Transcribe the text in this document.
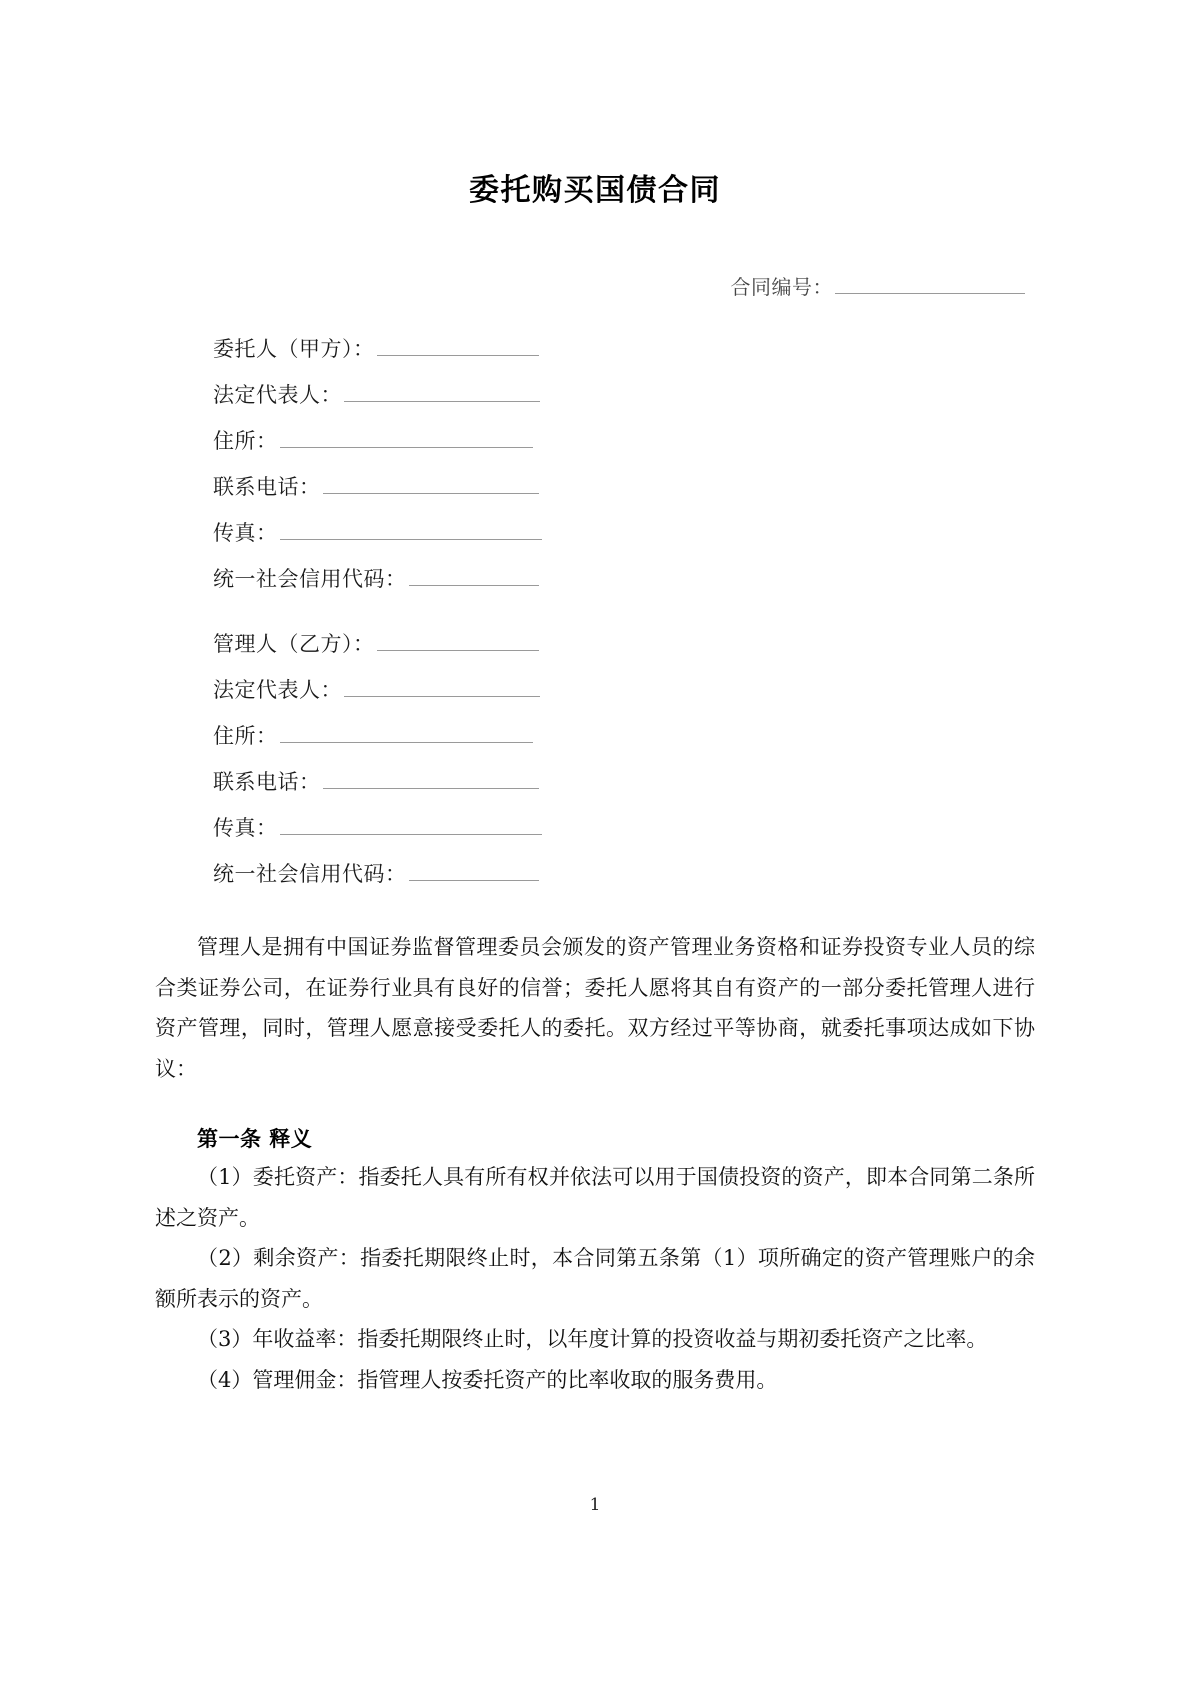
委托购买国债合同
合同编号：
委托人（甲方）：
法定代表人：
住所：
联系电话：
传真：
统一社会信用代码：
管理人（乙方）：
法定代表人：
住所：
联系电话：
传真：
统一社会信用代码：

管理人是拥有中国证券监督管理委员会颁发的资产管理业务资格和证券投资专业人员的综合类证券公司，在证券行业具有良好的信誉；委托人愿将其自有资产的一部分委托管理人进行资产管理，同时，管理人愿意接受委托人的委托。双方经过平等协商，就委托事项达成如下协议：

第一条 释义

（1）委托资产：指委托人具有所有权并依法可以用于国债投资的资产，即本合同第二条所述之资产。

（2）剩余资产：指委托期限终止时，本合同第五条第（1）项所确定的资产管理账户的余额所表示的资产。

（3）年收益率：指委托期限终止时，以年度计算的投资收益与期初委托资产之比率。

（4）管理佣金：指管理人按委托资产的比率收取的服务费用。

1
